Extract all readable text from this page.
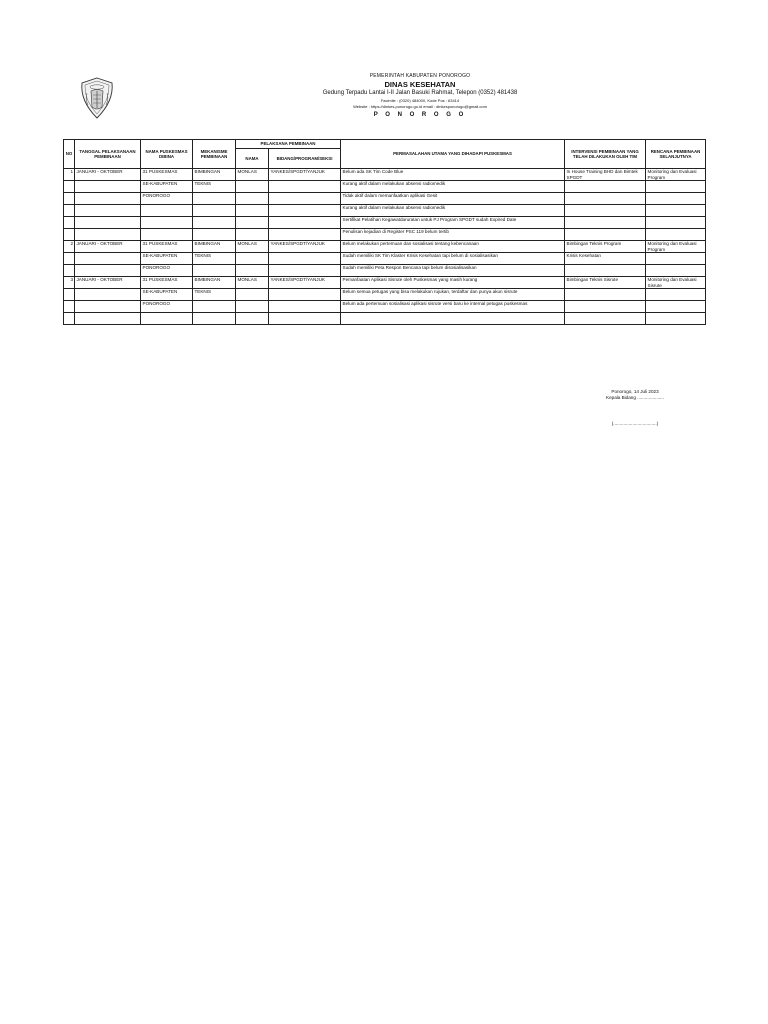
PEMERINTAH KABUPATEN PONOROGO
DINAS KESEHATAN
Gedung Terpadu Lantai I-II Jalan Basuki Rahmat, Telepon (0352) 481438
Facimile : (0320) 484000, Kode Pos : 63414
Website : https://dinkes.ponorogo.go.id email : dinkesponorogo@gmail.com
P O N O R O G O
NO	TANGGAL PELAKSANAAN PEMBINAAN	NAMA PUSKESMAS DIBINA	MEKANISME PEMBINAAN	PELAKSANA PEMBINAAN		PERMASALAHAN UTAMA YANG DIHADAPI PUSKESMAS	INTERVENSI PEMBINAAN YANG TELAH DILAKUKAN OLEH TIM	RENCANA PEMBINAAN SELANJUTNYA
				NAMA	BIDANG/PROGRAM/SEKSI			
1	JANUARI - OKTOBER	31 PUSKESMAS	BIMBINGAN	MONLAS	YANKES/SPGDT/YANJUK	Belum ada SK Tim Code Blue	In House Training BHD dan Bimtek SPGDT	Monitoring dan Evaluasi Program
		SE-KABUPATEN	TEKNIS			Kurang aktif dalam melakukan absensi radiomedik		
		PONOROGO				Tidak aktif dalam memanfaatkan aplikasi Gesit		
						Kurang aktif dalam melakukan absensi radiomedik		
						Sertifikat Pelatihan Kegawatdaruratan untuk PJ Program SPGDT sudah Expired Date		
						Penulisan kejadian di Register PSC 119 belum tertib		
2	JANUARI - OKTOBER	31 PUSKESMAS	BIMBINGAN	MONLAS	YANKES/SPGDT/YANJUK	Belum melakukan pertemuan dan sosialisasi tentang kebencanaan	Bimbingan Teknis Program	Monitoring dan Evaluasi Program
		SE-KABUPATEN	TEKNIS			Sudah memiliki SK Tim Klaster Krisis Kesehatan tapi belum di sosialisasikan	Krisis Kesehatan	
		PONOROGO				Sudah memiliki Peta Respon Bencana tapi belum disosialisasikan		
3	JANUARI - OKTOBER	31 PUSKESMAS	BIMBINGAN	MONLAS	YANKES/SPGDT/YANJUK	Pemanfaatan Aplikasi Sisrute oleh Puskesmas yang masih kurang	Bimbingan Teknis Sisrute	Monitoring dan Evaluasi Sisrute
		SE-KABUPATEN	TEKNIS			Belum semua petugas yang bisa melakukan rujukan, terdaftar dan punya akun sisrute		
		PONOROGO				Belum ada pertemuan sosialisasi aplikasi sisrute versi baru ke internal petugas puskesmas		

Ponorogo, 14 Juli 2023
Kepala Bidang .....................
(..................................)
